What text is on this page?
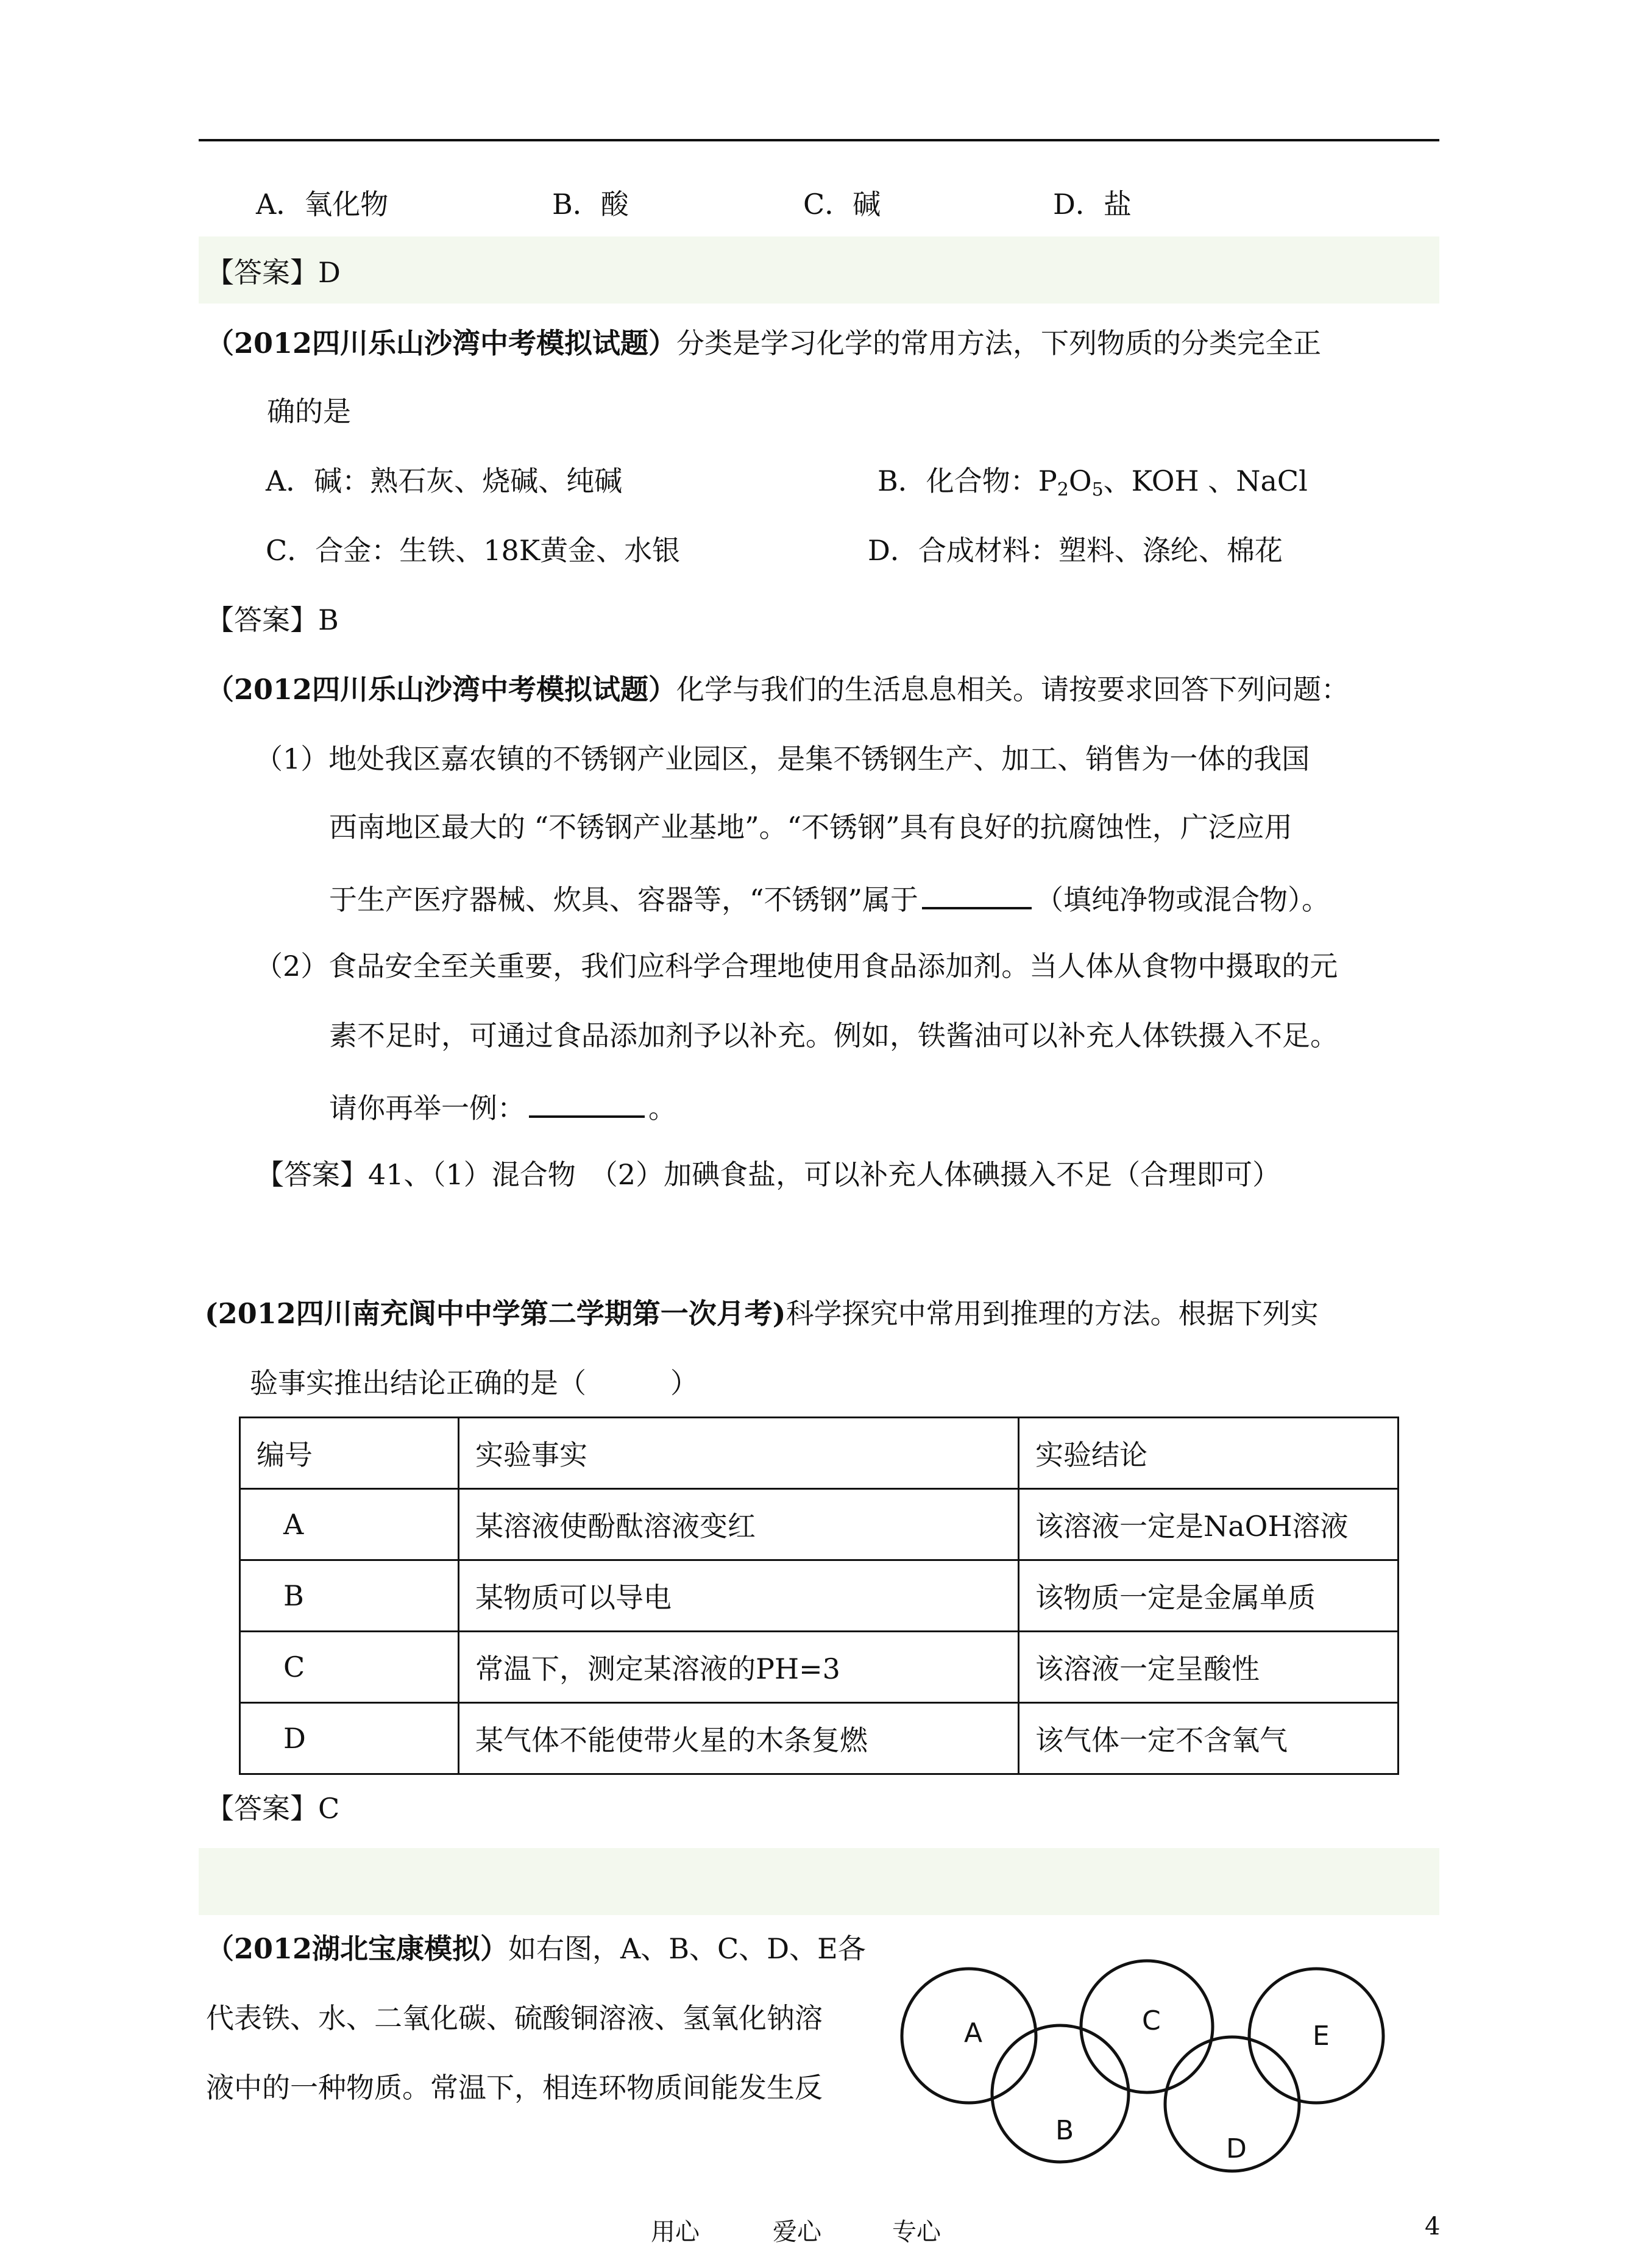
A．氧化物	B．酸	C．碱	D．盐
【答案】D
（2012四川乐山沙湾中考模拟试题）分类是学习化学的常用方法，下列物质的分类完全正
确的是
A．碱：熟石灰、烧碱、纯碱	B．化合物：$P_2O_5$、KOH 、NaCl
C．合金：生铁、18K黄金、水银	D．合成材料：塑料、涤纶、棉花
【答案】B
（2012四川乐山沙湾中考模拟试题）化学与我们的生活息息相关。请按要求回答下列问题：
（1）地处我区嘉农镇的不锈钢产业园区，是集不锈钢生产、加工、销售为一体的我国
西南地区最大的 “不锈钢产业基地”。“不锈钢”具有良好的抗腐蚀性，广泛应用
于生产医疗器械、炊具、容器等，“不锈钢”属于	（填纯净物或混合物）。
（2）食品安全至关重要，我们应科学合理地使用食品添加剂。当人体从食物中摄取的元
素不足时，可通过食品添加剂予以补充。例如，铁酱油可以补充人体铁摄入不足。
请你再举一例：	。
【答案】41、（1）混合物　（2）加碘食盐，可以补充人体碘摄入不足（合理即可）
(2012四川南充阆中中学第二学期第一次月考)科学探究中常用到推理的方法。根据下列实
验事实推出结论正确的是（　　　）
编号	实验事实	实验结论
A	某溶液使酚酞溶液变红	该溶液一定是NaOH溶液
B	某物质可以导电	该物质一定是金属单质
C	常温下，测定某溶液的PH=3	该溶液一定呈酸性
D	某气体不能使带火星的木条复燃	该气体一定不含氧气
【答案】C
（2012湖北宝康模拟）如右图，A、B、C、D、E各
代表铁、水、二氧化碳、硫酸铜溶液、氢氧化钠溶
液中的一种物质。常温下，相连环物质间能发生反
A
B
C
D
E
用心	爱心	专心	4
